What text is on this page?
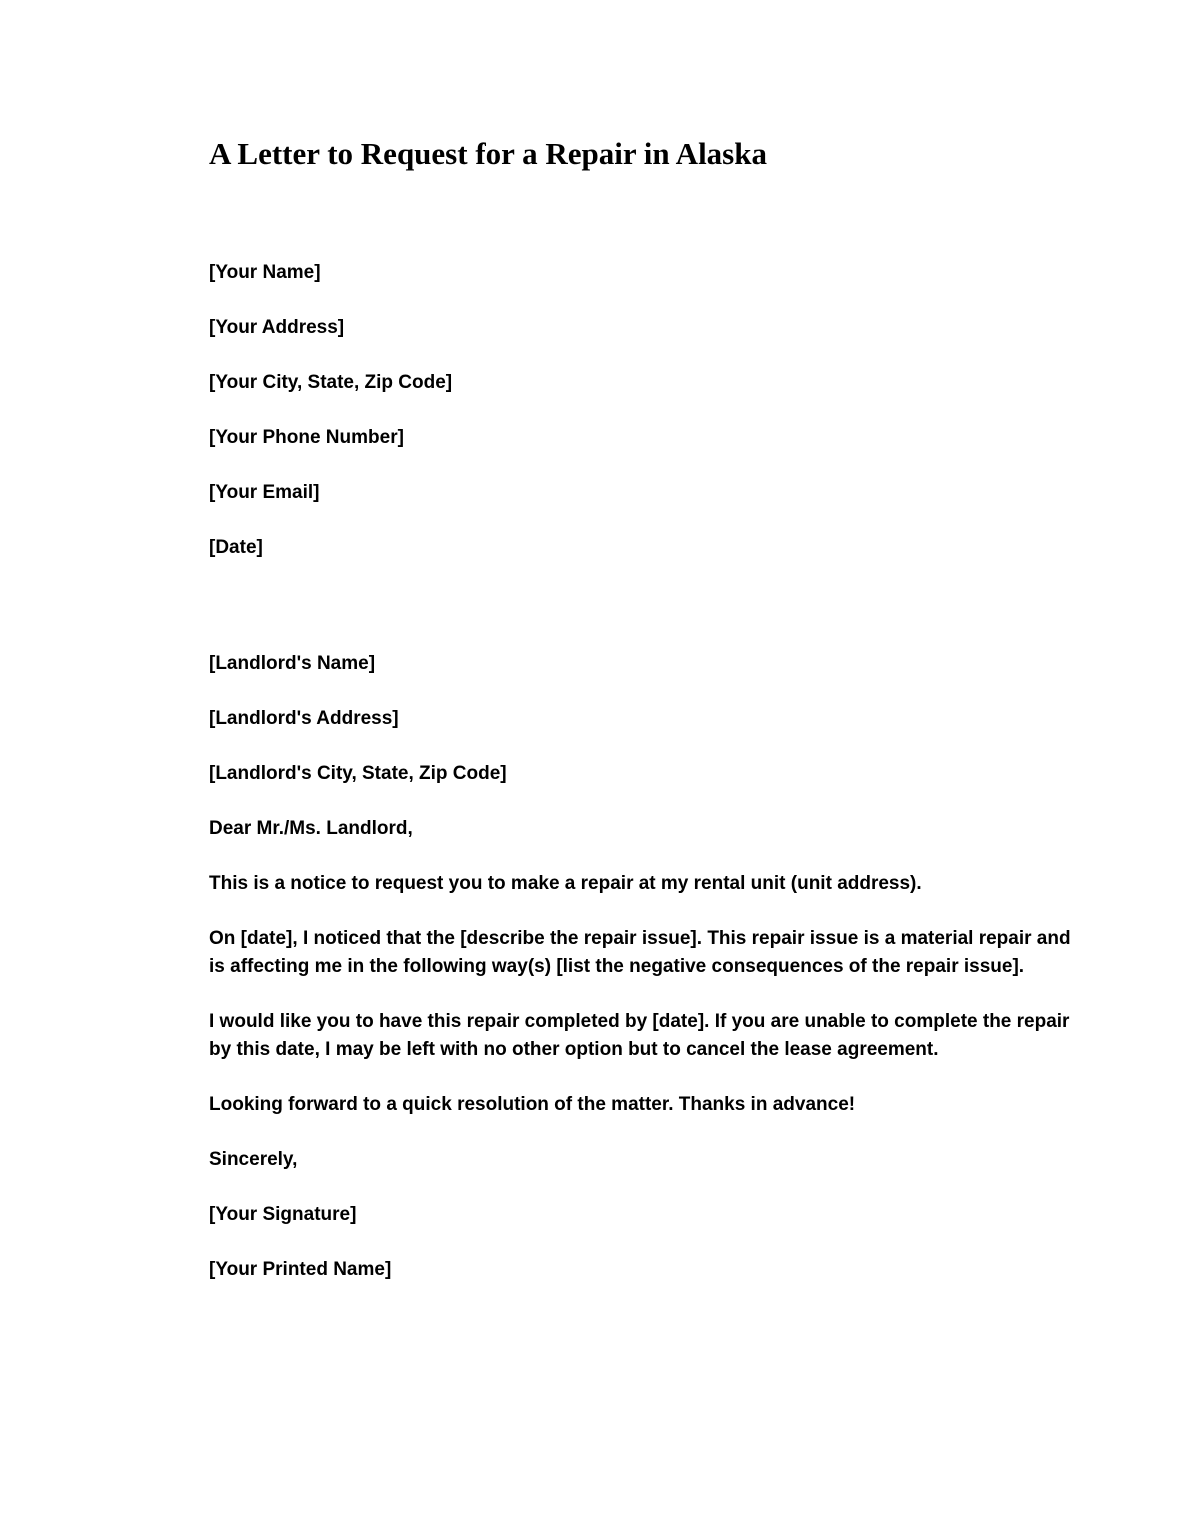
A Letter to Request for a Repair in Alaska

[Your Name]

[Your Address]

[Your City, State, Zip Code]

[Your Phone Number]

[Your Email]

[Date]

[Landlord's Name]

[Landlord's Address]

[Landlord's City, State, Zip Code]

Dear Mr./Ms. Landlord,

This is a notice to request you to make a repair at my rental unit (unit address).

On [date], I noticed that the [describe the repair issue]. This repair issue is a material repair and is affecting me in the following way(s) [list the negative consequences of the repair issue].

I would like you to have this repair completed by [date]. If you are unable to complete the repair by this date, I may be left with no other option but to cancel the lease agreement.

Looking forward to a quick resolution of the matter. Thanks in advance!

Sincerely,

[Your Signature]

[Your Printed Name]
